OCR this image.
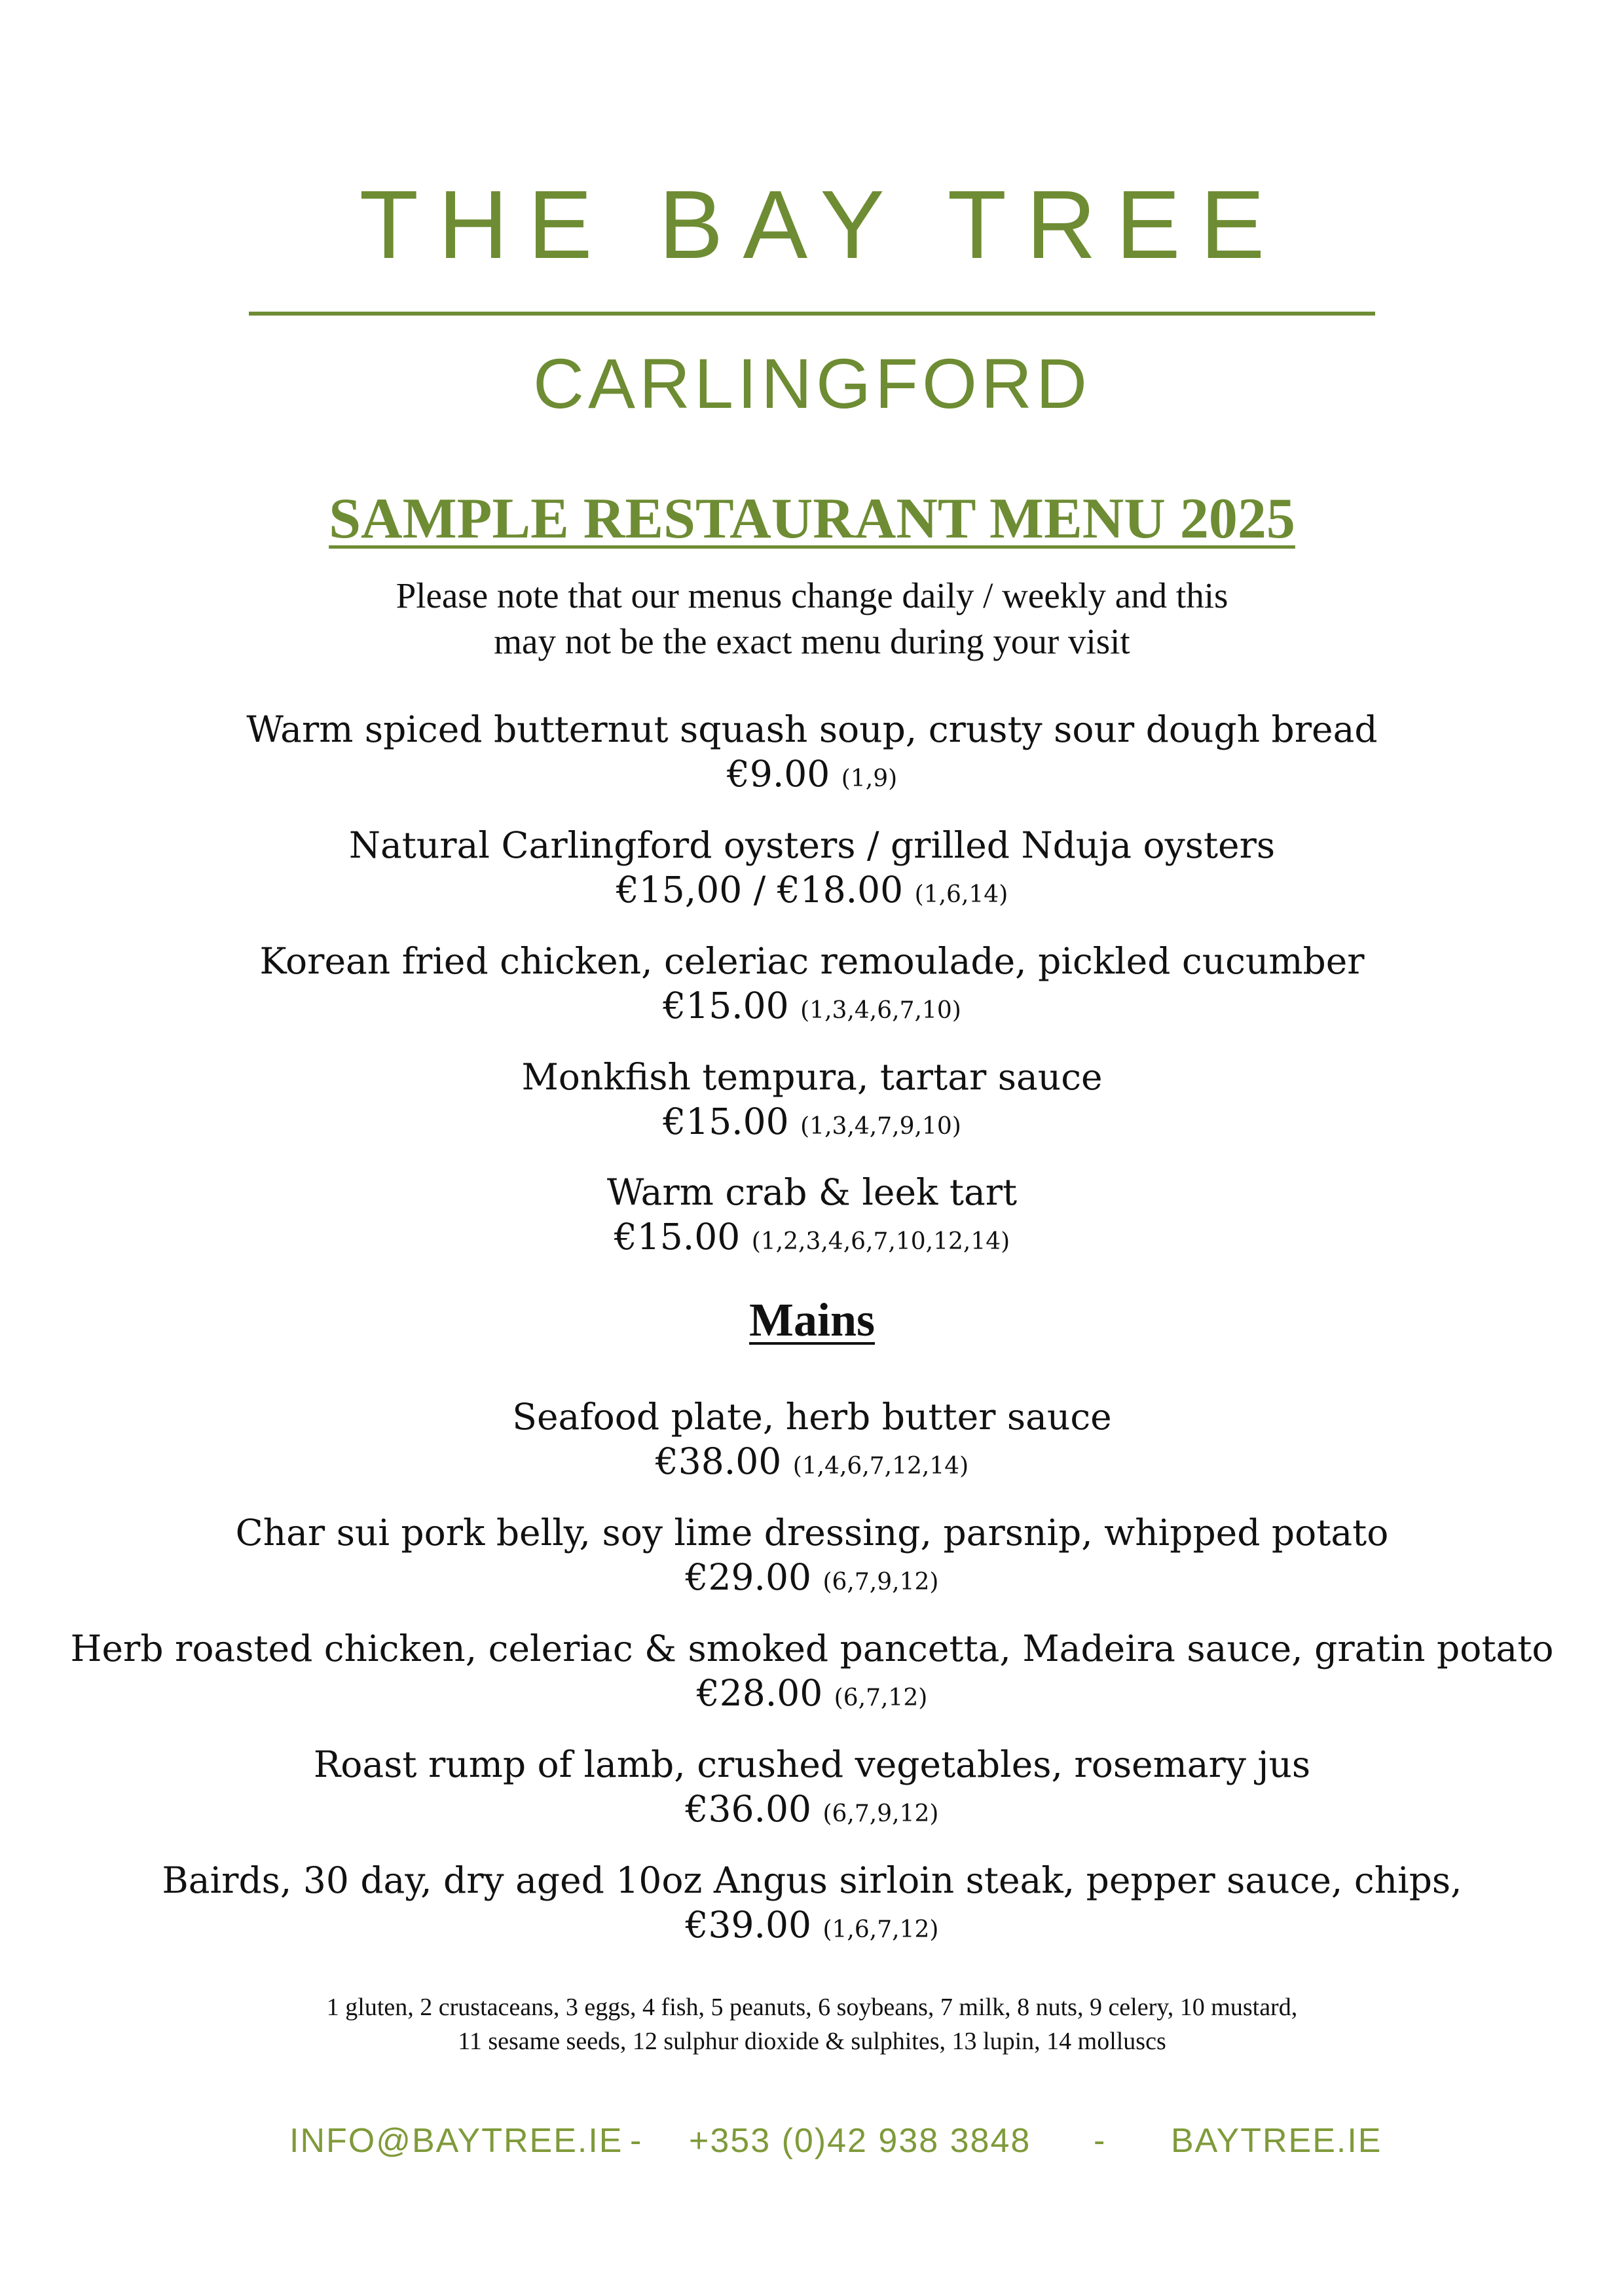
THE BAY TREE
CARLINGFORD
SAMPLE RESTAURANT MENU 2025
Please note that our menus change daily / weekly and this
may not be the exact menu during your visit
Warm spiced butternut squash soup, crusty sour dough bread
€9.00 (1,9)
Natural Carlingford oysters / grilled Nduja oysters
€15,00 / €18.00 (1,6,14)
Korean fried chicken, celeriac remoulade, pickled cucumber
€15.00 (1,3,4,6,7,10)
Monkfish tempura, tartar sauce
€15.00 (1,3,4,7,9,10)
Warm crab & leek tart
€15.00 (1,2,3,4,6,7,10,12,14)
Mains
Seafood plate, herb butter sauce
€38.00 (1,4,6,7,12,14)
Char sui pork belly, soy lime dressing, parsnip, whipped potato
€29.00 (6,7,9,12)
Herb roasted chicken, celeriac & smoked pancetta, Madeira sauce, gratin potato
€28.00 (6,7,12)
Roast rump of lamb, crushed vegetables, rosemary jus
€36.00 (6,7,9,12)
Bairds, 30 day, dry aged 10oz Angus sirloin steak, pepper sauce, chips,
€39.00 (1,6,7,12)
1 gluten, 2 crustaceans, 3 eggs, 4 fish, 5 peanuts, 6 soybeans, 7 milk, 8 nuts, 9 celery, 10 mustard,
11 sesame seeds, 12 sulphur dioxide & sulphites, 13 lupin, 14 molluscs
INFO@BAYTREE.IE - +353 (0)42 938 3848 - BAYTREE.IE
